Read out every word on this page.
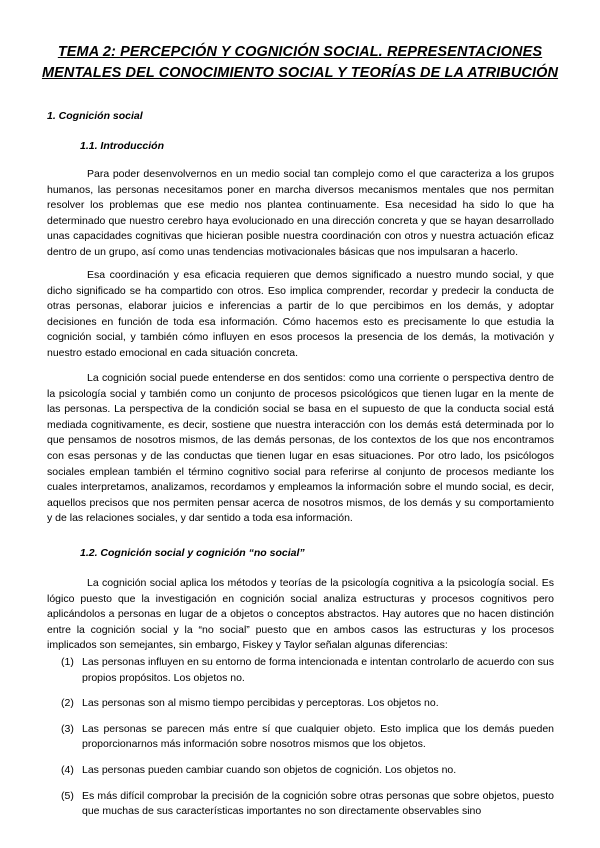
TEMA 2: PERCEPCIÓN Y COGNICIÓN SOCIAL. REPRESENTACIONES MENTALES DEL CONOCIMIENTO SOCIAL Y TEORÍAS DE LA ATRIBUCIÓN
1. Cognición social
1.1. Introducción

Para poder desenvolvernos en un medio social tan complejo como el que caracteriza a los grupos humanos, las personas necesitamos poner en marcha diversos mecanismos mentales que nos permitan resolver los problemas que ese medio nos plantea continuamente. Esa necesidad ha sido lo que ha determinado que nuestro cerebro haya evolucionado en una dirección concreta y que se hayan desarrollado unas capacidades cognitivas que hicieran posible nuestra coordinación con otros y nuestra actuación eficaz dentro de un grupo, así como unas tendencias motivacionales básicas que nos impulsaran a hacerlo.

Esa coordinación y esa eficacia requieren que demos significado a nuestro mundo social, y que dicho significado se ha compartido con otros. Eso implica comprender, recordar y predecir la conducta de otras personas, elaborar juicios e inferencias a partir de lo que percibimos en los demás, y adoptar decisiones en función de toda esa información. Cómo hacemos esto es precisamente lo que estudia la cognición social, y también cómo influyen en esos procesos la presencia de los demás, la motivación y nuestro estado emocional en cada situación concreta.

La cognición social puede entenderse en dos sentidos: como una corriente o perspectiva dentro de la psicología social y también como un conjunto de procesos psicológicos que tienen lugar en la mente de las personas. La perspectiva de la condición social se basa en el supuesto de que la conducta social está mediada cognitivamente, es decir, sostiene que nuestra interacción con los demás está determinada por lo que pensamos de nosotros mismos, de las demás personas, de los contextos de los que nos encontramos con esas personas y de las conductas que tienen lugar en esas situaciones. Por otro lado, los psicólogos sociales emplean también el término cognitivo social para referirse al conjunto de procesos mediante los cuales interpretamos, analizamos, recordamos y empleamos la información sobre el mundo social, es decir, aquellos precisos que nos permiten pensar acerca de nosotros mismos, de los demás y su comportamiento y de las relaciones sociales, y dar sentido a toda esa información.

1.2. Cognición social y cognición “no social”

La cognición social aplica los métodos y teorías de la psicología cognitiva a la psicología social. Es lógico puesto que la investigación en cognición social analiza estructuras y procesos cognitivos pero aplicándolos a personas en lugar de a objetos o conceptos abstractos. Hay autores que no hacen distinción entre la cognición social y la “no social” puesto que en ambos casos las estructuras y los procesos implicados son semejantes, sin embargo, Fiskey y Taylor señalan algunas diferencias:

(1) Las personas influyen en su entorno de forma intencionada e intentan controlarlo de acuerdo con sus propios propósitos. Los objetos no.
(2) Las personas son al mismo tiempo percibidas y perceptoras. Los objetos no.
(3) Las personas se parecen más entre sí que cualquier objeto. Esto implica que los demás pueden proporcionarnos más información sobre nosotros mismos que los objetos.
(4) Las personas pueden cambiar cuando son objetos de cognición. Los objetos no.
(5) Es más difícil comprobar la precisión de la cognición sobre otras personas que sobre objetos, puesto que muchas de sus características importantes no son directamente observables sino
